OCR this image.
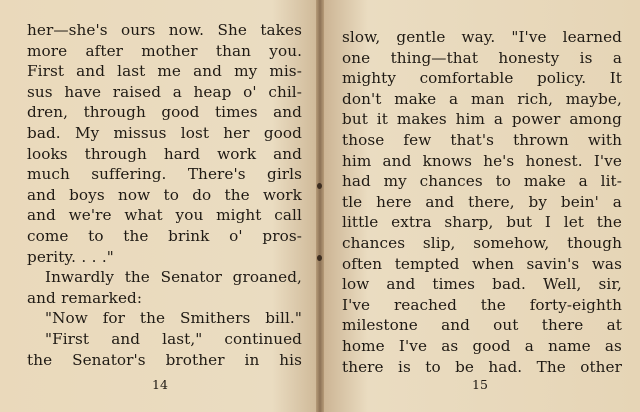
her—she's ours now. She takes
more after mother than you.
First and last me and my mis-
sus have raised a heap o' chil-
dren, through good times and
bad. My missus lost her good
looks through hard work and
much suffering. There's girls
and boys now to do the work
and we're what you might call
come to the brink o' pros-
perity. . . ."
Inwardly the Senator groaned,
and remarked:
"Now for the Smithers bill."
"First and last," continued
the Senator's brother in his
14
slow, gentle way. "I've learned
one thing—that honesty is a
mighty comfortable policy. It
don't make a man rich, maybe,
but it makes him a power among
those few that's thrown with
him and knows he's honest. I've
had my chances to make a lit-
tle here and there, by bein' a
little extra sharp, but I let the
chances slip, somehow, though
often tempted when savin's was
low and times bad. Well, sir,
I've reached the forty-eighth
milestone and out there at
home I've as good a name as
there is to be had. The other
15
